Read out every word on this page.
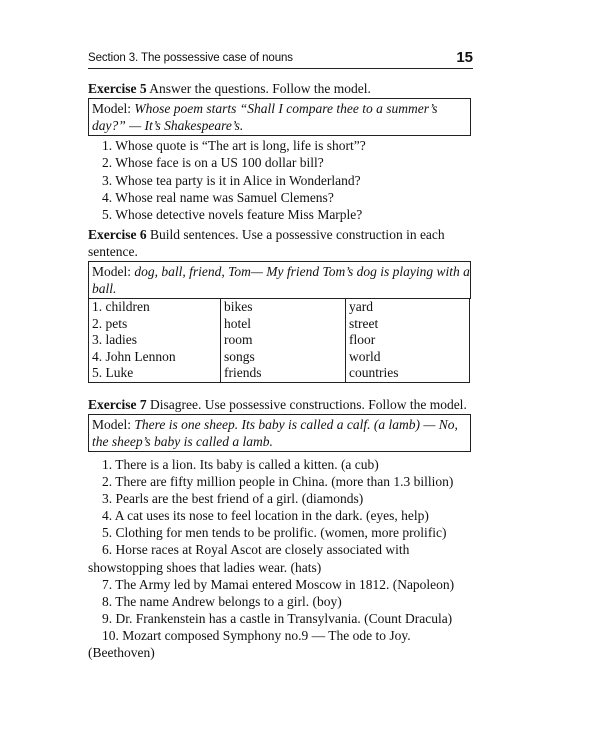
Section 3. The possessive case of nouns	15
Exercise 5 Answer the questions. Follow the model.
Model: Whose poem starts “Shall I compare thee to a summer’s day?” — It’s Shakespeare’s.
1. Whose quote is “The art is long, life is short”?
2. Whose face is on a US 100 dollar bill?
3. Whose tea party is it in Alice in Wonderland?
4. Whose real name was Samuel Clemens?
5. Whose detective novels feature Miss Marple?
Exercise 6 Build sentences. Use a possessive construction in each sentence.
Model: dog, ball, friend, Tom— My friend Tom’s dog is playing with a ball.
1. children	bikes	yard
2. pets	hotel	street
3. ladies	room	floor
4. John Lennon	songs	world
5. Luke	friends	countries
Exercise 7 Disagree. Use possessive constructions. Follow the model.
Model: There is one sheep. Its baby is called a calf. (a lamb) — No, the sheep’s baby is called a lamb.
1. There is a lion. Its baby is called a kitten. (a cub)
2. There are fifty million people in China. (more than 1.3 billion)
3. Pearls are the best friend of a girl. (diamonds)
4. A cat uses its nose to feel location in the dark. (eyes, help)
5. Clothing for men tends to be prolific. (women, more prolific)
6. Horse races at Royal Ascot are closely associated with showstopping shoes that ladies wear. (hats)
7. The Army led by Mamai entered Moscow in 1812. (Napoleon)
8. The name Andrew belongs to a girl. (boy)
9. Dr. Frankenstein has a castle in Transylvania. (Count Dracula)
10. Mozart composed Symphony no.9 — The ode to Joy. (Beethoven)
